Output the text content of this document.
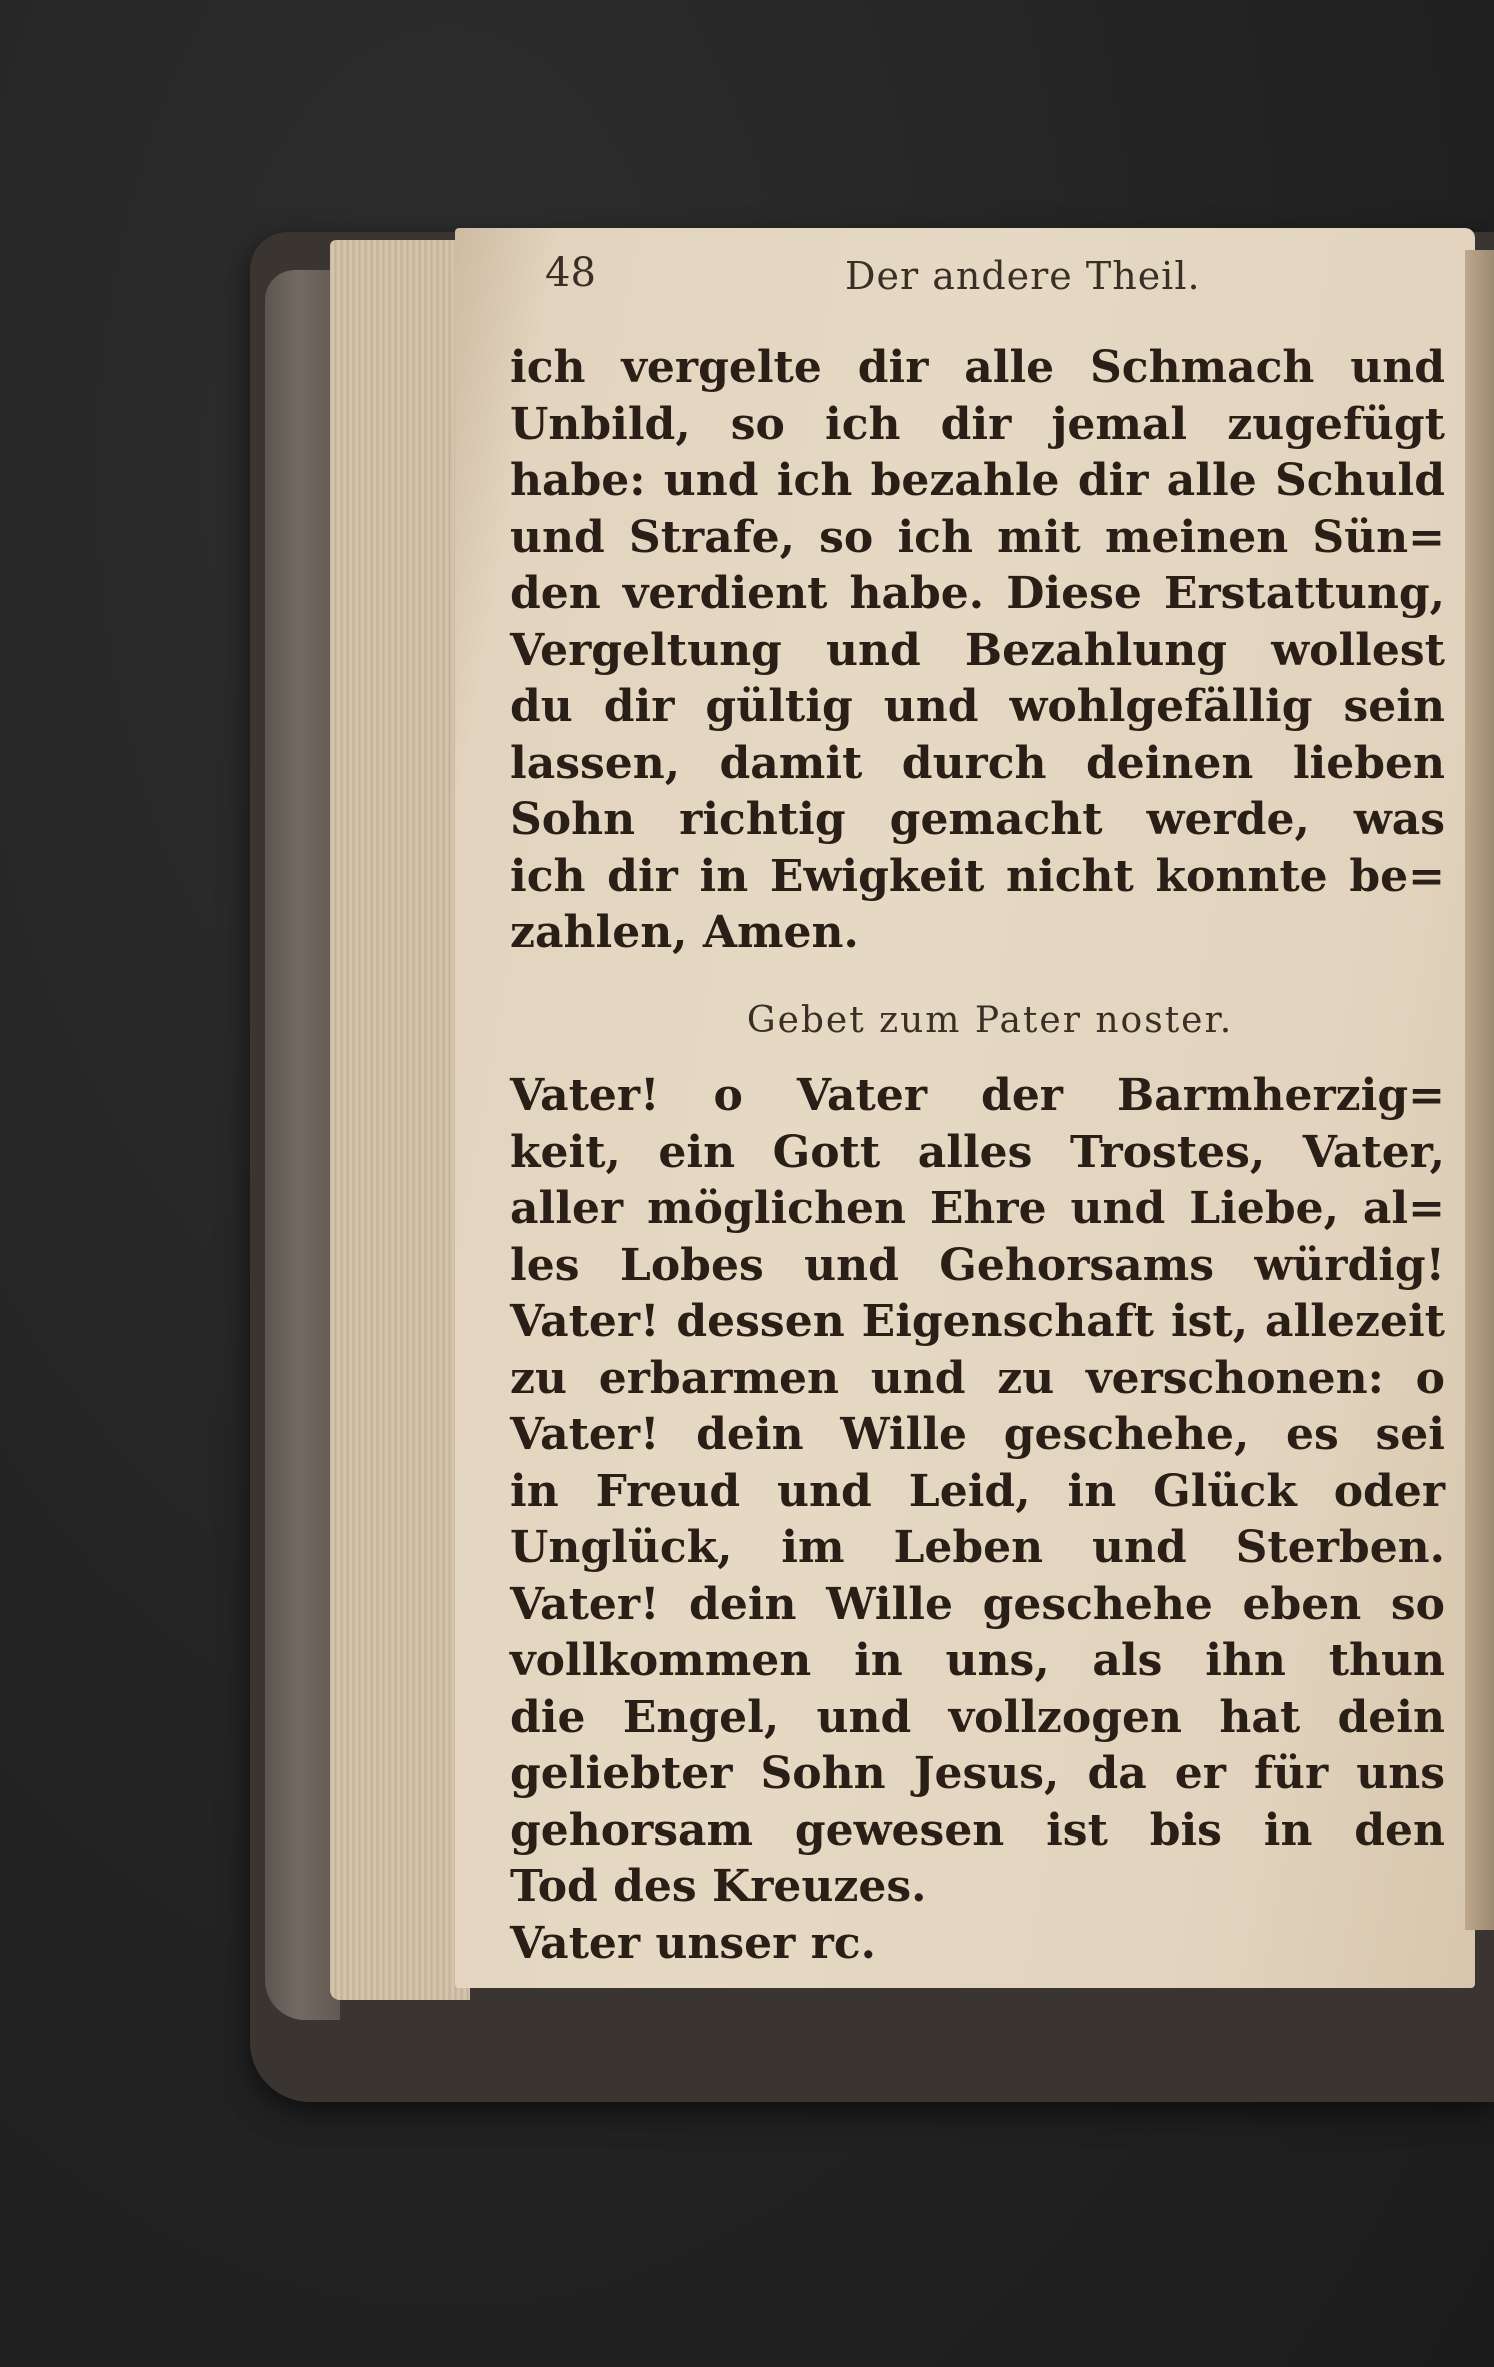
48	Der andere Theil.
ich vergelte dir alle Schmach und
Unbild, so ich dir jemal zugefügt
habe: und ich bezahle dir alle Schuld
und Strafe, so ich mit meinen Sün=
den verdient habe. Diese Erstattung,
Vergeltung und Bezahlung wollest
du dir gültig und wohlgefällig sein
lassen, damit durch deinen lieben
Sohn richtig gemacht werde, was
ich dir in Ewigkeit nicht konnte be=
zahlen, Amen.
Gebet zum Pater noster.
Vater! o Vater der Barmherzig=
keit, ein Gott alles Trostes, Vater,
aller möglichen Ehre und Liebe, al=
les Lobes und Gehorsams würdig!
Vater! dessen Eigenschaft ist, allezeit
zu erbarmen und zu verschonen: o
Vater! dein Wille geschehe, es sei
in Freud und Leid, in Glück oder
Unglück, im Leben und Sterben.
Vater! dein Wille geschehe eben so
vollkommen in uns, als ihn thun
die Engel, und vollzogen hat dein
geliebter Sohn Jesus, da er für uns
gehorsam gewesen ist bis in den
Tod des Kreuzes.
Vater unser rc.
